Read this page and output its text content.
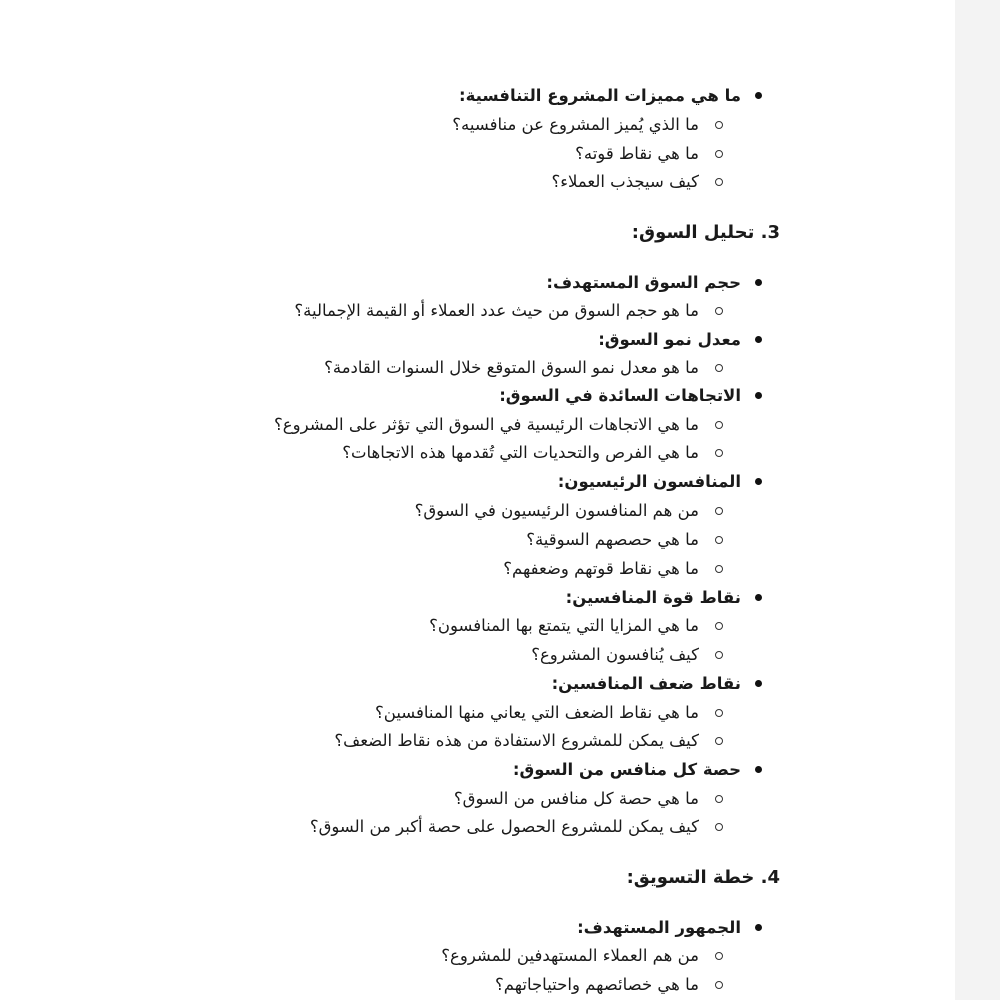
ما هي مميزات المشروع التنافسية:
ما الذي يُميز المشروع عن منافسيه؟
ما هي نقاط قوته؟
كيف سيجذب العملاء؟
3. تحليل السوق:
حجم السوق المستهدف:
ما هو حجم السوق من حيث عدد العملاء أو القيمة الإجمالية؟
معدل نمو السوق:
ما هو معدل نمو السوق المتوقع خلال السنوات القادمة؟
الاتجاهات السائدة في السوق:
ما هي الاتجاهات الرئيسية في السوق التي تؤثر على المشروع؟
ما هي الفرص والتحديات التي تُقدمها هذه الاتجاهات؟
المنافسون الرئيسيون:
من هم المنافسون الرئيسيون في السوق؟
ما هي حصصهم السوقية؟
ما هي نقاط قوتهم وضعفهم؟
نقاط قوة المنافسين:
ما هي المزايا التي يتمتع بها المنافسون؟
كيف يُنافسون المشروع؟
نقاط ضعف المنافسين:
ما هي نقاط الضعف التي يعاني منها المنافسين؟
كيف يمكن للمشروع الاستفادة من هذه نقاط الضعف؟
حصة كل منافس من السوق:
ما هي حصة كل منافس من السوق؟
كيف يمكن للمشروع الحصول على حصة أكبر من السوق؟
4. خطة التسويق:
الجمهور المستهدف:
من هم العملاء المستهدفين للمشروع؟
ما هي خصائصهم واحتياجاتهم؟
